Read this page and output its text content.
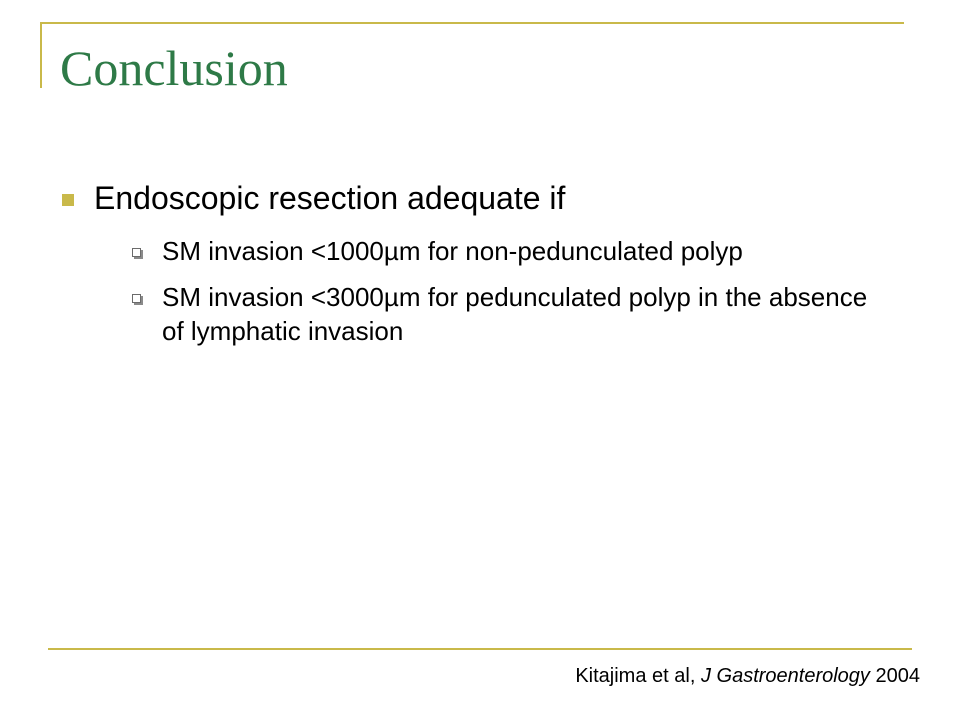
Conclusion
Endoscopic resection adequate if
SM invasion <1000µm for non-pedunculated polyp
SM invasion <3000µm for pedunculated polyp in the absence of lymphatic invasion
Kitajima et al, J Gastroenterology 2004
